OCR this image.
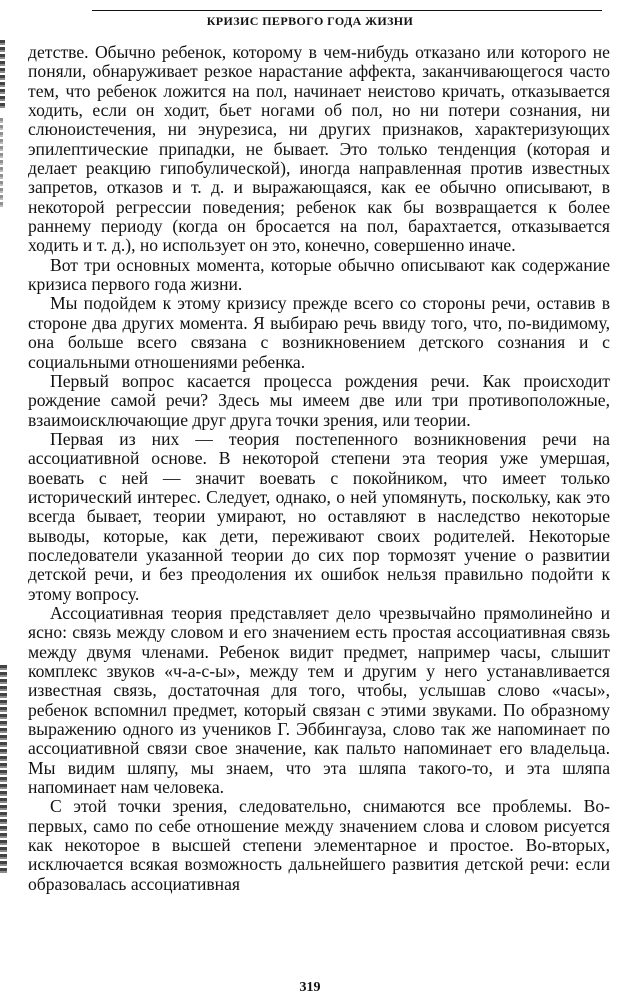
КРИЗИС ПЕРВОГО ГОДА ЖИЗНИ

детстве. Обычно ребенок, которому в чем-нибудь отказано или которого не поняли, обнаруживает резкое нарастание аффекта, заканчивающегося часто тем, что ребенок ложится на пол, начинает неистово кричать, отказывается ходить, если он ходит, бьет ногами об пол, но ни потери сознания, ни слюноистечения, ни энурезиса, ни других признаков, характеризующих эпилептические припадки, не бывает. Это только тенденция (которая и делает реакцию гипобулической), иногда направленная против известных запретов, отказов и т. д. и выражающаяся, как ее обычно описывают, в некоторой регрессии поведения; ребенок как бы возвращается к более раннему периоду (когда он бросается на пол, барахтается, отказывается ходить и т. д.), но использует он это, конечно, совершенно иначе.

Вот три основных момента, которые обычно описывают как содержание кризиса первого года жизни.

Мы подойдем к этому кризису прежде всего со стороны речи, оставив в стороне два других момента. Я выбираю речь ввиду того, что, по-видимому, она больше всего связана с возникновением детского сознания и с социальными отношениями ребенка.

Первый вопрос касается процесса рождения речи. Как происходит рождение самой речи? Здесь мы имеем две или три противоположные, взаимоисключающие друг друга точки зрения, или теории.

Первая из них — теория постепенного возникновения речи на ассоциативной основе. В некоторой степени эта теория уже умершая, воевать с ней — значит воевать с покойником, что имеет только исторический интерес. Следует, однако, о ней упомянуть, поскольку, как это всегда бывает, теории умирают, но оставляют в наследство некоторые выводы, которые, как дети, переживают своих родителей. Некоторые последователи указанной теории до сих пор тормозят учение о развитии детской речи, и без преодоления их ошибок нельзя правильно подойти к этому вопросу.

Ассоциативная теория представляет дело чрезвычайно прямолинейно и ясно: связь между словом и его значением есть простая ассоциативная связь между двумя членами. Ребенок видит предмет, например часы, слышит комплекс звуков «ч-а-с-ы», между тем и другим у него устанавливается известная связь, достаточная для того, чтобы, услышав слово «часы», ребенок вспомнил предмет, который связан с этими звуками. По образному выражению одного из учеников Г. Эббингауза, слово так же напоминает по ассоциативной связи свое значение, как пальто напоминает его владельца. Мы видим шляпу, мы знаем, что эта шляпа такого-то, и эта шляпа напоминает нам человека.

С этой точки зрения, следовательно, снимаются все проблемы. Во-первых, само по себе отношение между значением слова и словом рисуется как некоторое в высшей степени элементарное и простое. Во-вторых, исключается всякая возможность дальнейшего развития детской речи: если образовалась ассоциативная

319
